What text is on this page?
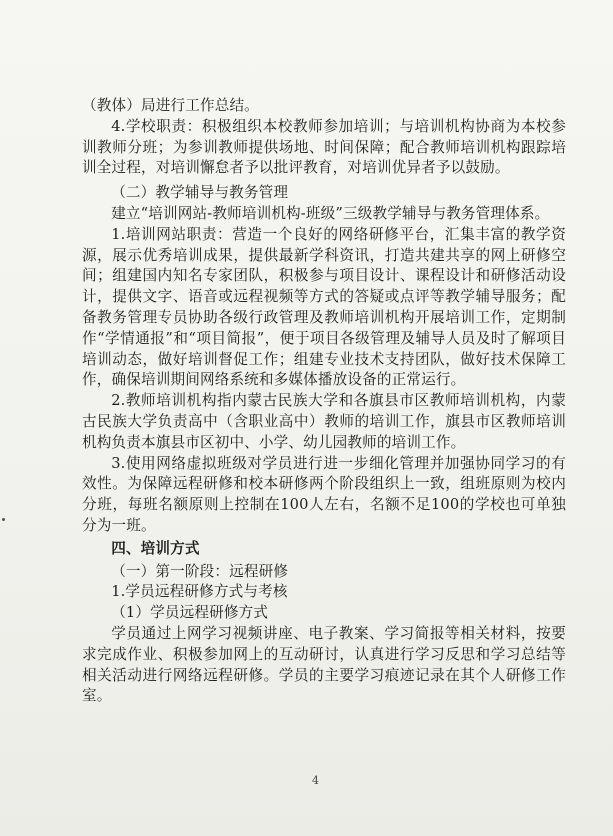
（教体）局进行工作总结。

4.学校职责：积极组织本校教师参加培训；与培训机构协商为本校参训教师分班；为参训教师提供场地、时间保障；配合教师培训机构跟踪培训全过程，对培训懈怠者予以批评教育，对培训优异者予以鼓励。

（二）教学辅导与教务管理

建立“培训网站-教师培训机构-班级”三级教学辅导与教务管理体系。

1.培训网站职责：营造一个良好的网络研修平台，汇集丰富的教学资源，展示优秀培训成果，提供最新学科资讯，打造共建共享的网上研修空间；组建国内知名专家团队，积极参与项目设计、课程设计和研修活动设计，提供文字、语音或远程视频等方式的答疑或点评等教学辅导服务；配备教务管理专员协助各级行政管理及教师培训机构开展培训工作，定期制作“学情通报”和“项目简报”，便于项目各级管理及辅导人员及时了解项目培训动态，做好培训督促工作；组建专业技术支持团队，做好技术保障工作，确保培训期间网络系统和多媒体播放设备的正常运行。

2.教师培训机构指内蒙古民族大学和各旗县市区教师培训机构，内蒙古民族大学负责高中（含职业高中）教师的培训工作，旗县市区教师培训机构负责本旗县市区初中、小学、幼儿园教师的培训工作。

3.使用网络虚拟班级对学员进行进一步细化管理并加强协同学习的有效性。为保障远程研修和校本研修两个阶段组织上一致，组班原则为校内分班，每班名额原则上控制在100人左右，名额不足100的学校也可单独分为一班。

四、培训方式

（一）第一阶段：远程研修

1.学员远程研修方式与考核

（1）学员远程研修方式

学员通过上网学习视频讲座、电子教案、学习简报等相关材料，按要求完成作业、积极参加网上的互动研讨，认真进行学习反思和学习总结等相关活动进行网络远程研修。学员的主要学习痕迹记录在其个人研修工作室。

4
